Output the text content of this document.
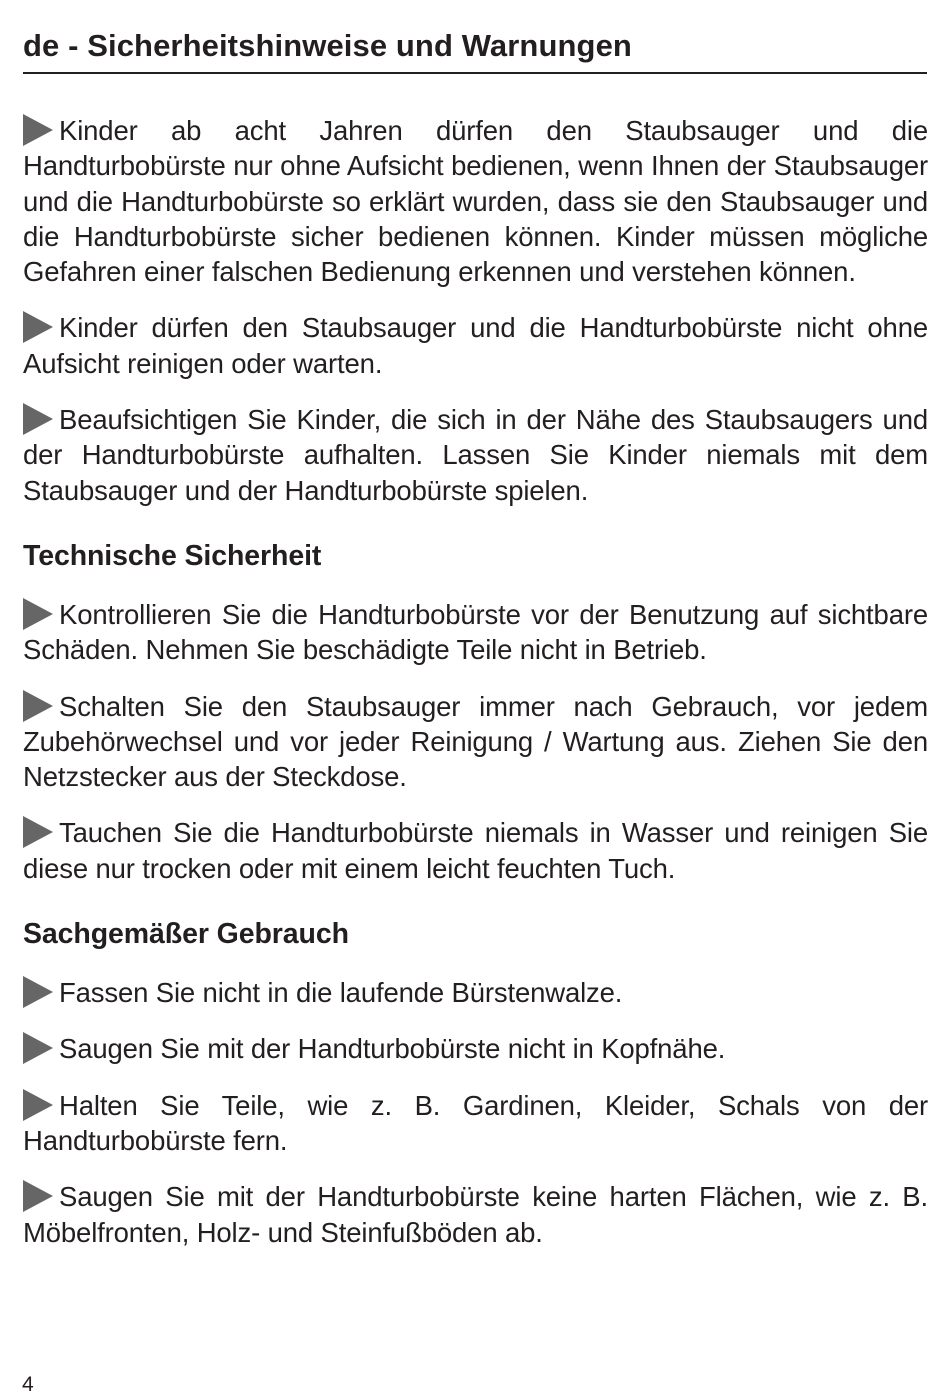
de - Sicherheitshinweise und Warnungen

Kinder ab acht Jahren dürfen den Staubsauger und die Handturbobürste nur ohne Aufsicht bedienen, wenn Ihnen der Staubsauger und die Handturbobürste so erklärt wurden, dass sie den Staubsauger und die Handturbobürste sicher bedienen können. Kinder müssen mögliche Gefahren einer falschen Bedienung erkennen und verstehen können.

Kinder dürfen den Staubsauger und die Handturbobürste nicht ohne Aufsicht reinigen oder warten.

Beaufsichtigen Sie Kinder, die sich in der Nähe des Staubsaugers und der Handturbobürste aufhalten. Lassen Sie Kinder niemals mit dem Staubsauger und der Handturbobürste spielen.

Technische Sicherheit

Kontrollieren Sie die Handturbobürste vor der Benutzung auf sichtbare Schäden. Nehmen Sie beschädigte Teile nicht in Betrieb.

Schalten Sie den Staubsauger immer nach Gebrauch, vor jedem Zubehörwechsel und vor jeder Reinigung / Wartung aus. Ziehen Sie den Netzstecker aus der Steckdose.

Tauchen Sie die Handturbobürste niemals in Wasser und reinigen Sie diese nur trocken oder mit einem leicht feuchten Tuch.

Sachgemäßer Gebrauch

Fassen Sie nicht in die laufende Bürstenwalze.

Saugen Sie mit der Handturbobürste nicht in Kopfnähe.

Halten Sie Teile, wie z. B. Gardinen, Kleider, Schals von der Handturbobürste fern.

Saugen Sie mit der Handturbobürste keine harten Flächen, wie z. B. Möbelfronten, Holz- und Steinfußböden ab.

4
